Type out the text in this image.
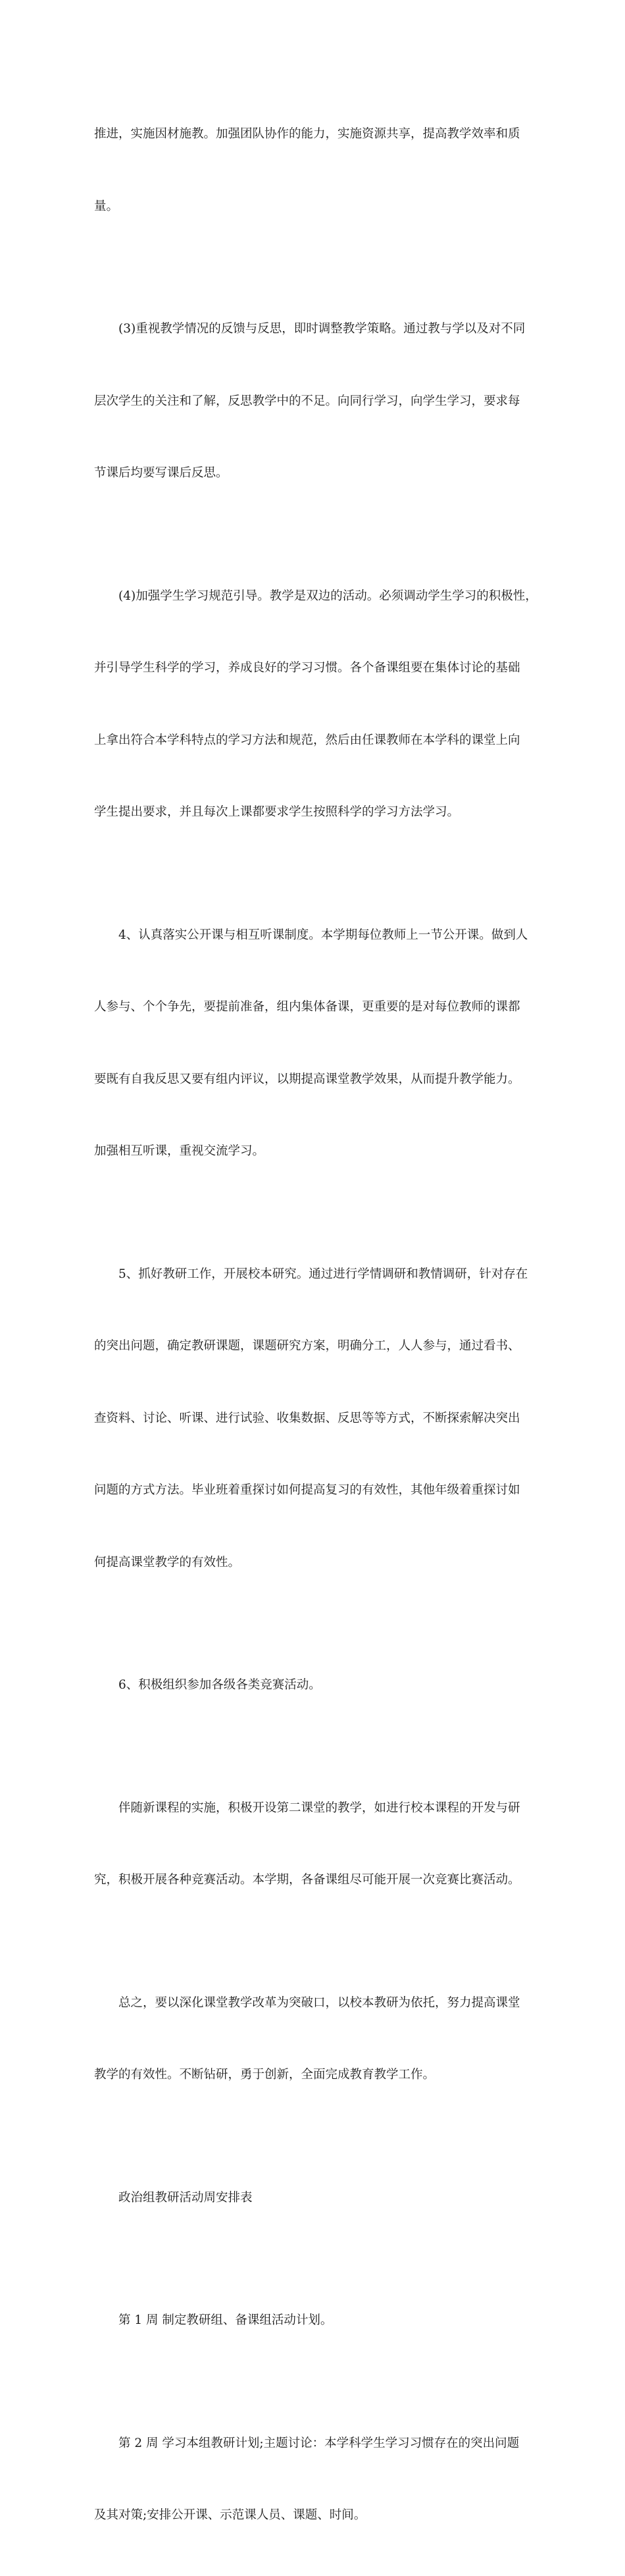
推进，实施因材施教。加强团队协作的能力，实施资源共享，提高教学效率和质

量。

(3)重视教学情况的反馈与反思，即时调整教学策略。通过教与学以及对不同

层次学生的关注和了解，反思教学中的不足。向同行学习，向学生学习，要求每

节课后均要写课后反思。

(4)加强学生学习规范引导。教学是双边的活动。必须调动学生学习的积极性，

并引导学生科学的学习，养成良好的学习习惯。各个备课组要在集体讨论的基础

上拿出符合本学科特点的学习方法和规范，然后由任课教师在本学科的课堂上向

学生提出要求，并且每次上课都要求学生按照科学的学习方法学习。

4、认真落实公开课与相互听课制度。本学期每位教师上一节公开课。做到人

人参与、个个争先，要提前准备，组内集体备课，更重要的是对每位教师的课都

要既有自我反思又要有组内评议，以期提高课堂教学效果，从而提升教学能力。

加强相互听课，重视交流学习。

5、抓好教研工作，开展校本研究。通过进行学情调研和教情调研，针对存在

的突出问题，确定教研课题，课题研究方案，明确分工，人人参与，通过看书、

查资料、讨论、听课、进行试验、收集数据、反思等等方式，不断探索解决突出

问题的方式方法。毕业班着重探讨如何提高复习的有效性，其他年级着重探讨如

何提高课堂教学的有效性。

6、积极组织参加各级各类竞赛活动。

伴随新课程的实施，积极开设第二课堂的教学，如进行校本课程的开发与研

究，积极开展各种竞赛活动。本学期，各备课组尽可能开展一次竞赛比赛活动。

总之，要以深化课堂教学改革为突破口，以校本教研为依托，努力提高课堂

教学的有效性。不断钻研，勇于创新，全面完成教育教学工作。

政治组教研活动周安排表

第 1 周 制定教研组、备课组活动计划。

第 2 周 学习本组教研计划;主题讨论：本学科学生学习习惯存在的突出问题

及其对策;安排公开课、示范课人员、课题、时间。
